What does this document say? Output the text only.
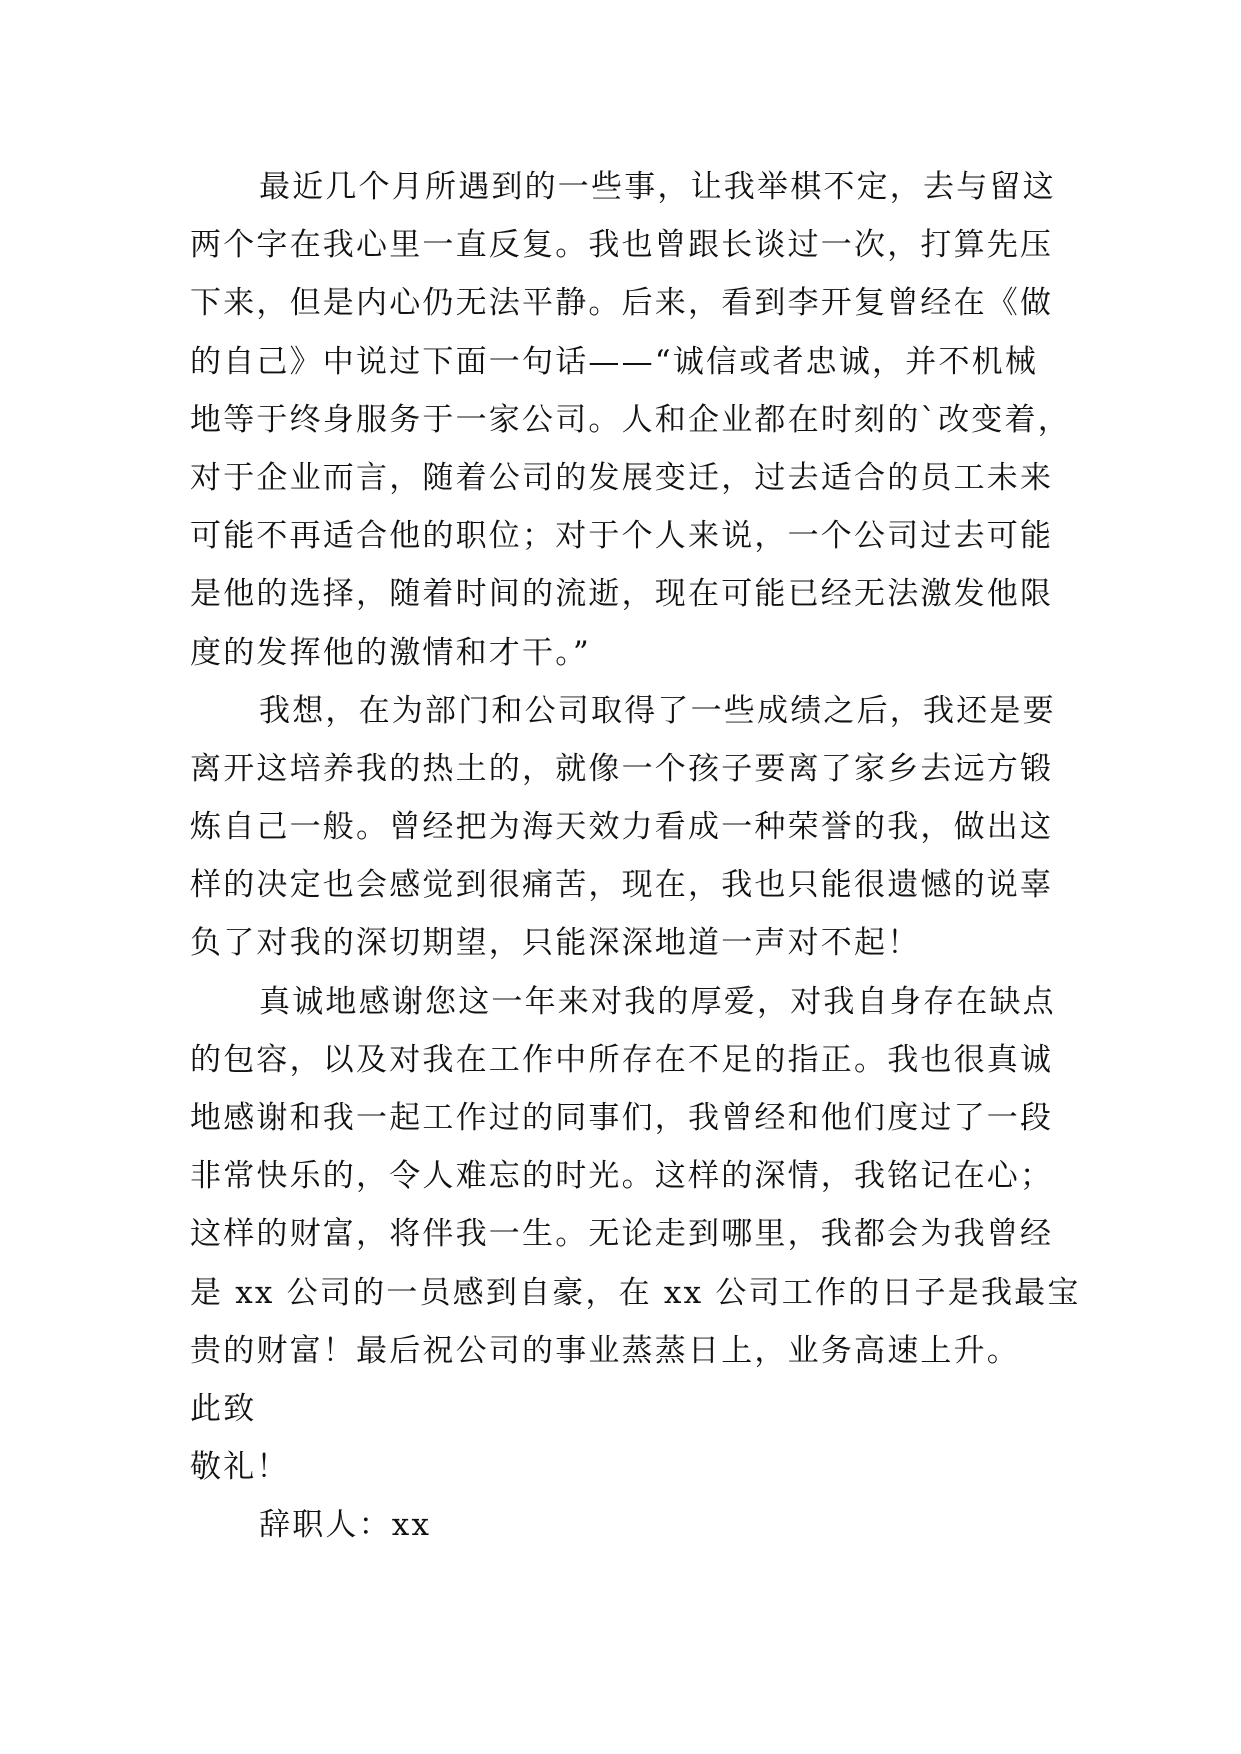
最近几个月所遇到的一些事，让我举棋不定，去与留这
两个字在我心里一直反复。我也曾跟长谈过一次，打算先压
下来，但是内心仍无法平静。后来，看到李开复曾经在《做
的自己》中说过下面一句话——“诚信或者忠诚，并不机械
地等于终身服务于一家公司。人和企业都在时刻的`改变着，
对于企业而言，随着公司的发展变迁，过去适合的员工未来
可能不再适合他的职位；对于个人来说，一个公司过去可能
是他的选择，随着时间的流逝，现在可能已经无法激发他限
度的发挥他的激情和才干。”
我想，在为部门和公司取得了一些成绩之后，我还是要
离开这培养我的热土的，就像一个孩子要离了家乡去远方锻
炼自己一般。曾经把为海天效力看成一种荣誉的我，做出这
样的决定也会感觉到很痛苦，现在，我也只能很遗憾的说辜
负了对我的深切期望，只能深深地道一声对不起！
真诚地感谢您这一年来对我的厚爱，对我自身存在缺点
的包容，以及对我在工作中所存在不足的指正。我也很真诚
地感谢和我一起工作过的同事们，我曾经和他们度过了一段
非常快乐的，令人难忘的时光。这样的深情，我铭记在心；
这样的财富，将伴我一生。无论走到哪里，我都会为我曾经
是 xx 公司的一员感到自豪，在 xx 公司工作的日子是我最宝
贵的财富！最后祝公司的事业蒸蒸日上，业务高速上升。
此致
敬礼！
辞职人：xx
